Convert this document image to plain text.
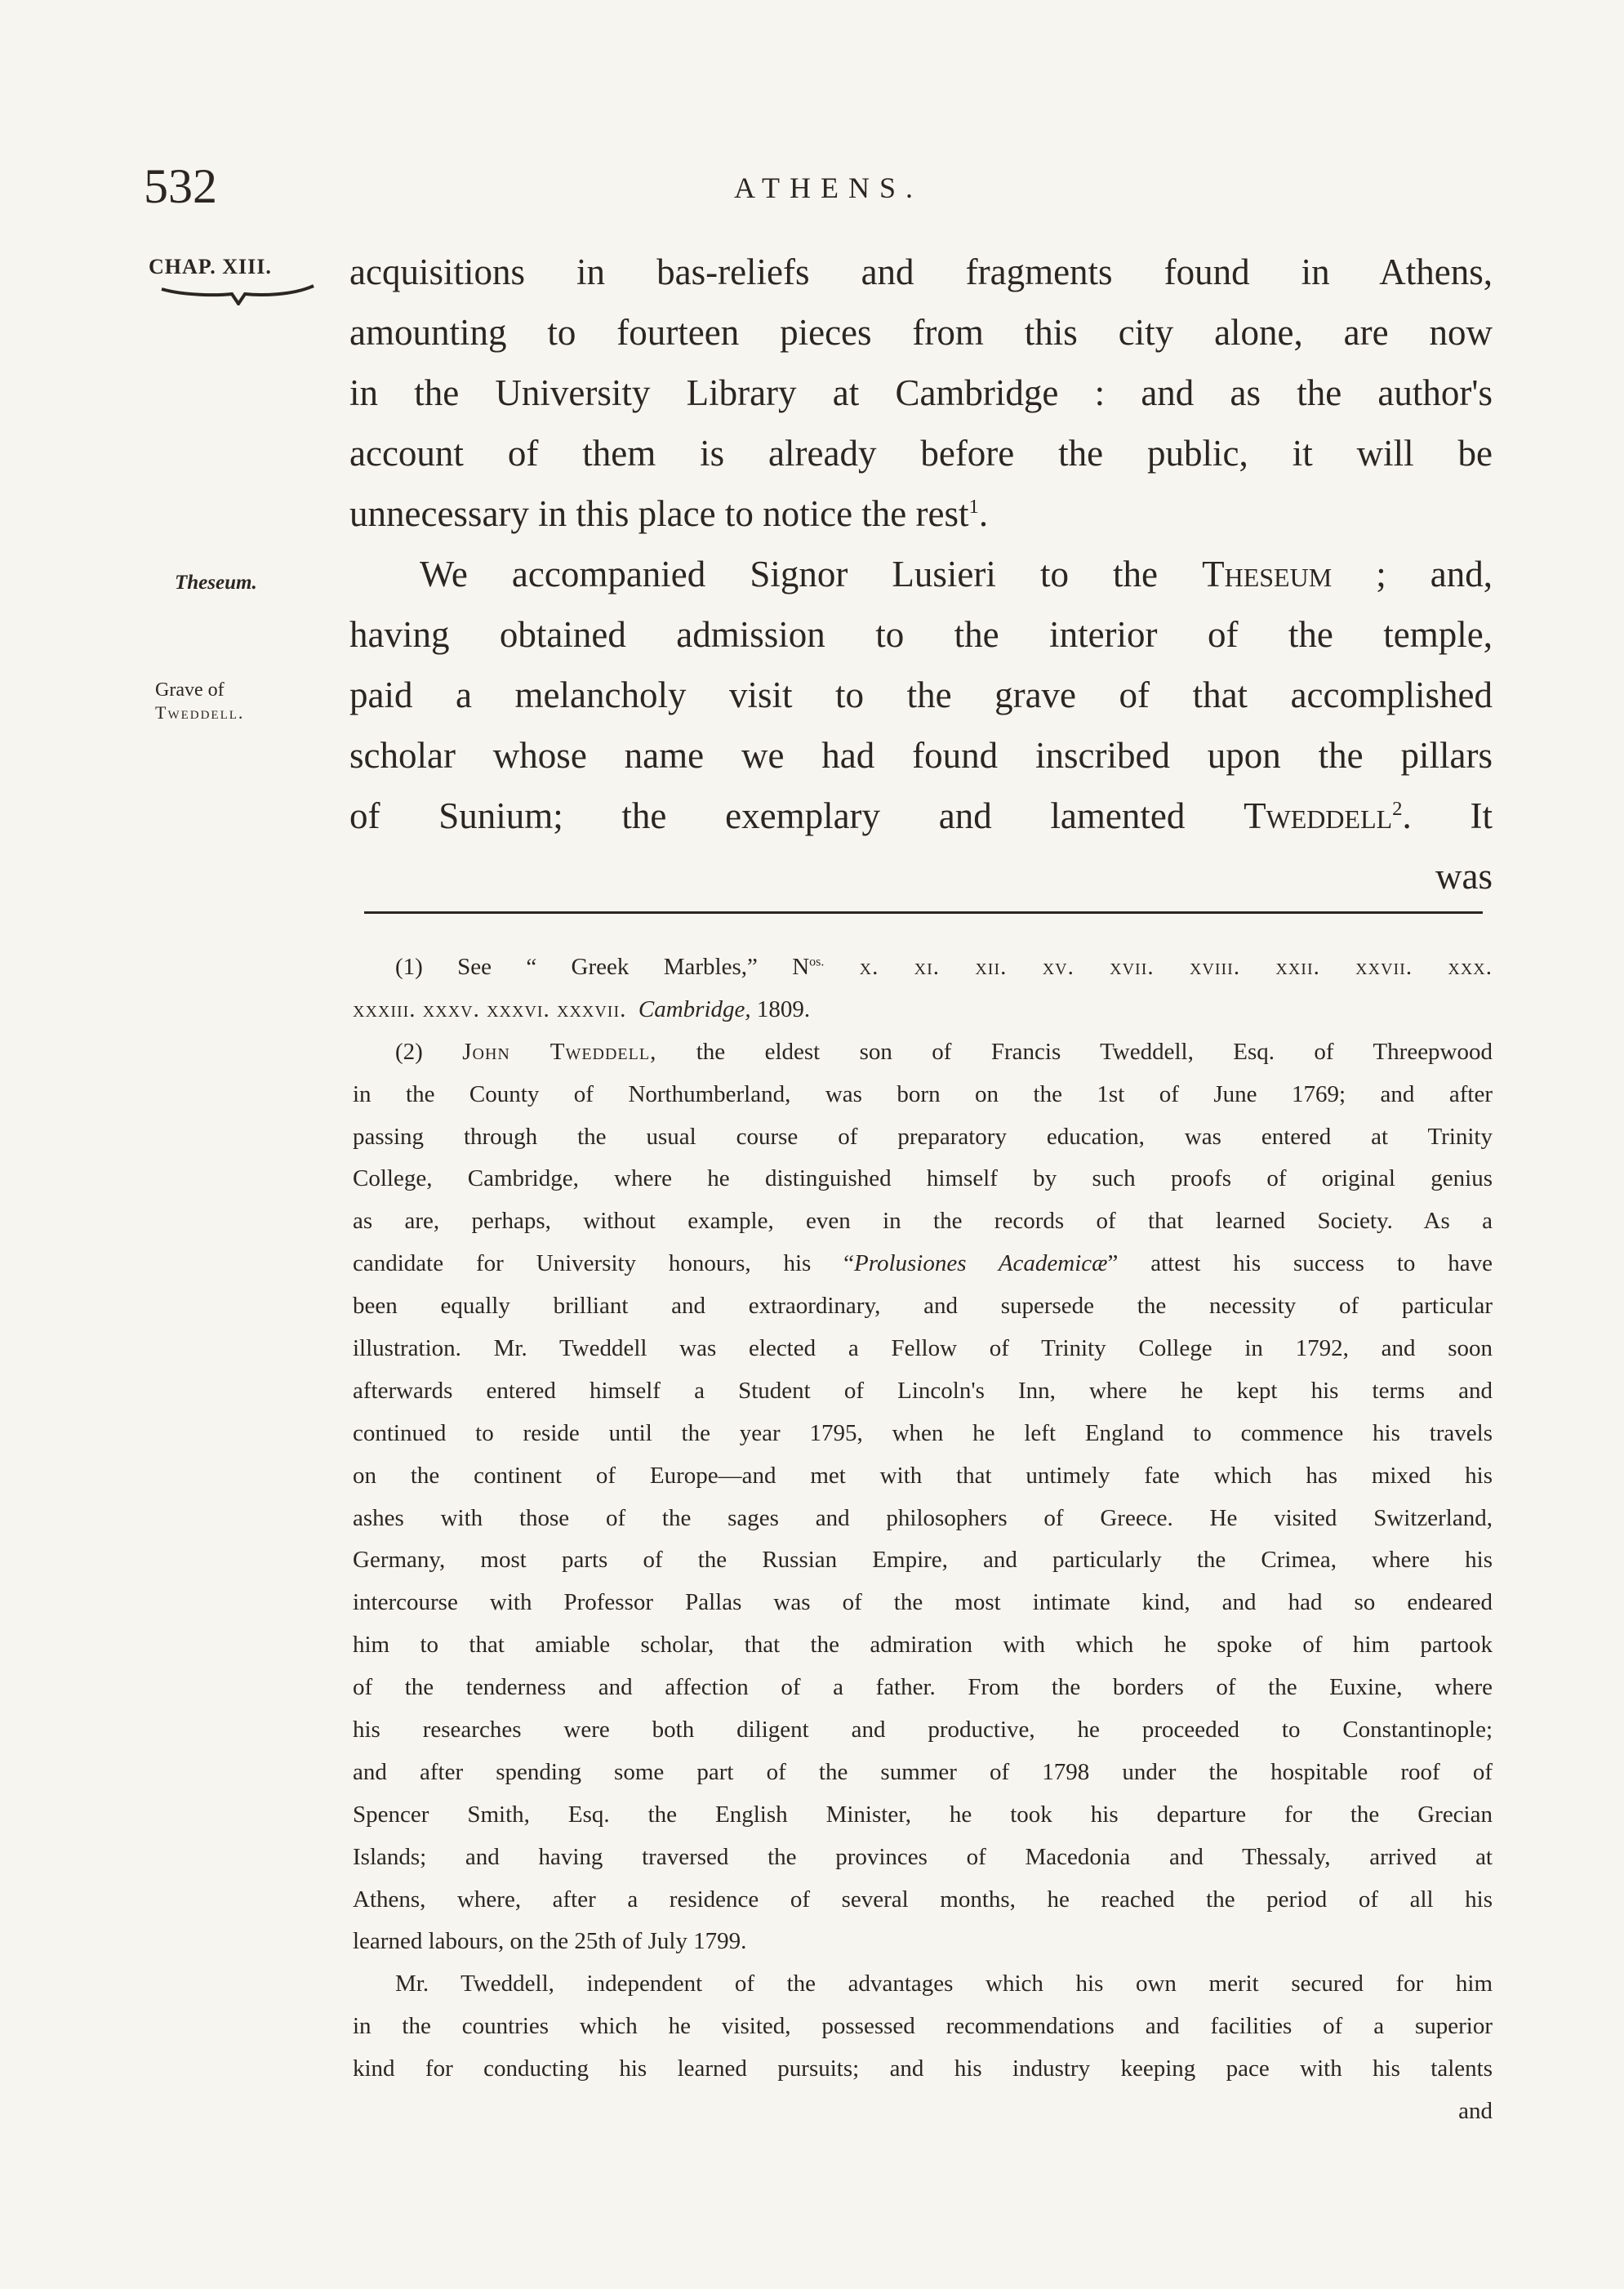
532	ATHENS.
CHAP. XIII.
Theseum.
Grave of
Tweddell.
acquisitions in bas-reliefs and fragments found in Athens,
amounting to fourteen pieces from this city alone, are now
in the University Library at Cambridge : and as the author's
account of them is already before the public, it will be
unnecessary in this place to notice the rest$^1$.
We accompanied Signor Lusieri to the Theseum ; and,
having obtained admission to the interior of the temple,
paid a melancholy visit to the grave of that accomplished
scholar whose name we had found inscribed upon the pillars
of Sunium; the exemplary and lamented Tweddell$^2$. It
was
(1) See “ Greek Marbles,” $N^{os.}$ x. xi. xii. xv. xvii. xviii. xxii. xxvii. xxx.
xxxiii. xxxv. xxxvi. xxxvii. Cambridge, 1809.
(2) John Tweddell, the eldest son of Francis Tweddell, Esq. of Threepwood
in the County of Northumberland, was born on the 1st of June 1769; and after
passing through the usual course of preparatory education, was entered at Trinity
College, Cambridge, where he distinguished himself by such proofs of original genius
as are, perhaps, without example, even in the records of that learned Society. As a
candidate for University honours, his “Prolusiones Academicæ” attest his success to have
been equally brilliant and extraordinary, and supersede the necessity of particular
illustration. Mr. Tweddell was elected a Fellow of Trinity College in 1792, and soon
afterwards entered himself a Student of Lincoln's Inn, where he kept his terms and
continued to reside until the year 1795, when he left England to commence his travels
on the continent of Europe—and met with that untimely fate which has mixed his
ashes with those of the sages and philosophers of Greece. He visited Switzerland,
Germany, most parts of the Russian Empire, and particularly the Crimea, where his
intercourse with Professor Pallas was of the most intimate kind, and had so endeared
him to that amiable scholar, that the admiration with which he spoke of him partook
of the tenderness and affection of a father. From the borders of the Euxine, where
his researches were both diligent and productive, he proceeded to Constantinople;
and after spending some part of the summer of 1798 under the hospitable roof of
Spencer Smith, Esq. the English Minister, he took his departure for the Grecian
Islands; and having traversed the provinces of Macedonia and Thessaly, arrived at
Athens, where, after a residence of several months, he reached the period of all his
learned labours, on the 25th of July 1799.
Mr. Tweddell, independent of the advantages which his own merit secured for him
in the countries which he visited, possessed recommendations and facilities of a superior
kind for conducting his learned pursuits; and his industry keeping pace with his talents
and
